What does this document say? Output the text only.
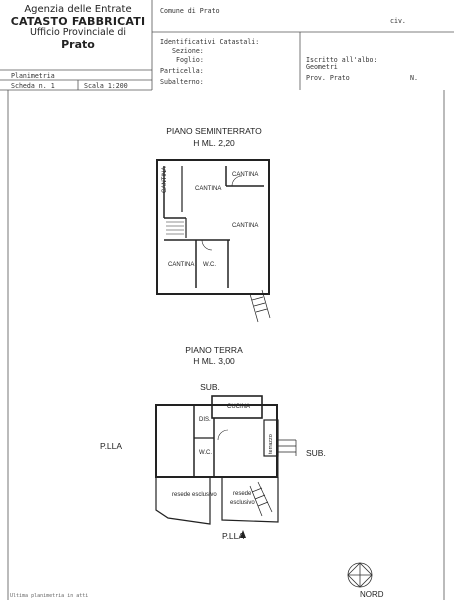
Agenzia delle Entrate
CATASTO FABBRICATI
Ufficio Provinciale di
Prato
Comune di Prato
civ.
Identificativi Catastali:
Sezione:
Foglio:
Particella:
Subalterno:
Iscritto all'albo:
Geometri
Prov. Prato	N.
Planimetria
Scheda n. 1	Scala 1:200
PIANO SEMINTERRATO
H ML. 2,20
CANTINA	CANTINA
CANTINA
CANTINA
CANTINA W.C.
PIANO TERRA
H ML. 3,00
SUB.
SUB.
P.LLA
P.LLA
CUCINA
DIS.
W.C.	terrazzo
resede esclusivo	resede
esclusivo
NORD
Ultima planimetria in atti
